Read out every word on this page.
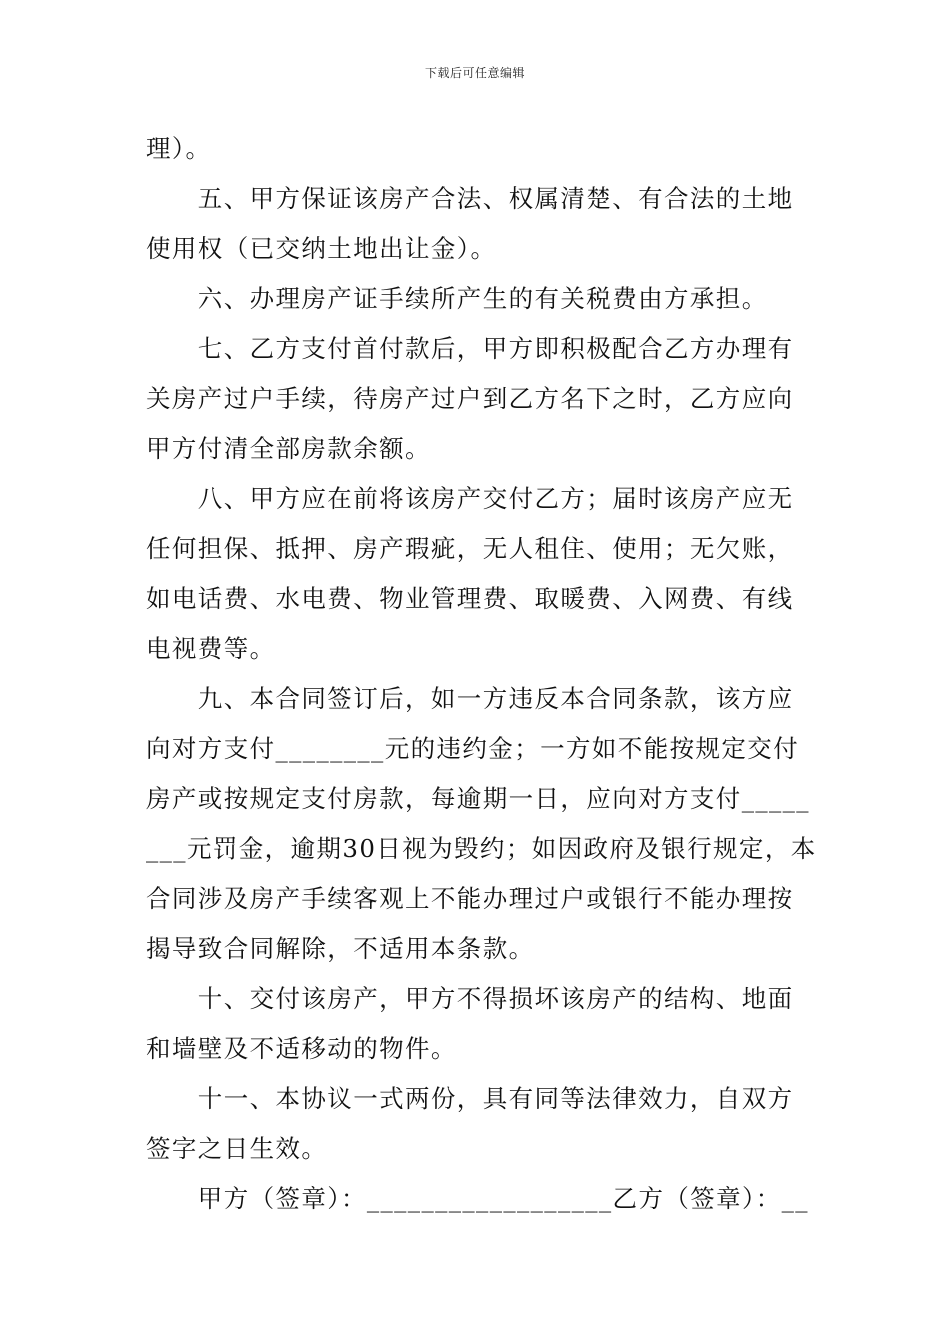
下载后可任意编辑
理）。
　　五、甲方保证该房产合法、权属清楚、有合法的土地
使用权（已交纳土地出让金）。
　　六、办理房产证手续所产生的有关税费由方承担。
　　七、乙方支付首付款后，甲方即积极配合乙方办理有
关房产过户手续，待房产过户到乙方名下之时，乙方应向
甲方付清全部房款余额。
　　八、甲方应在前将该房产交付乙方；届时该房产应无
任何担保、抵押、房产瑕疵，无人租住、使用；无欠账，
如电话费、水电费、物业管理费、取暖费、入网费、有线
电视费等。
　　九、本合同签订后，如一方违反本合同条款，该方应
向对方支付________元的违约金；一方如不能按规定交付
房产或按规定支付房款，每逾期一日，应向对方支付_____
___元罚金，逾期30日视为毁约；如因政府及银行规定，本
合同涉及房产手续客观上不能办理过户或银行不能办理按
揭导致合同解除，不适用本条款。
　　十、交付该房产，甲方不得损坏该房产的结构、地面
和墙壁及不适移动的物件。
　　十一、本协议一式两份，具有同等法律效力，自双方
签字之日生效。
　　甲方（签章）：__________________乙方（签章）：__
